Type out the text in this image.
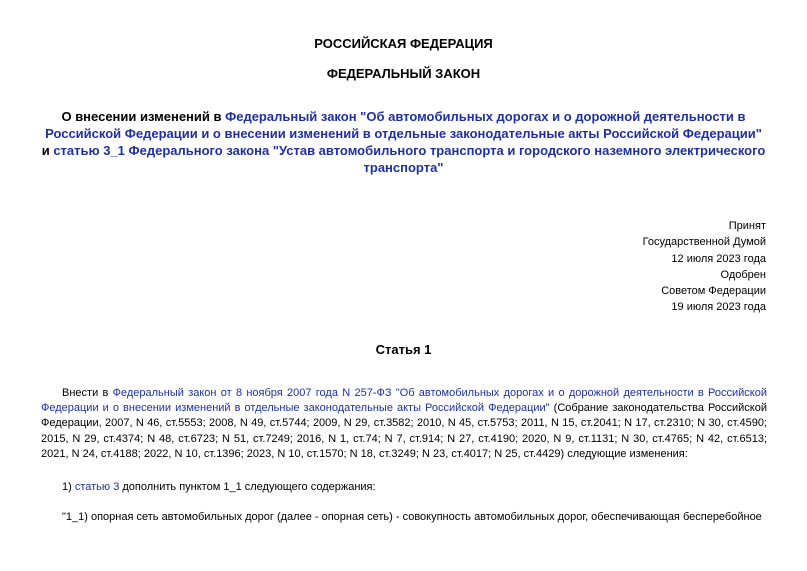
РОССИЙСКАЯ ФЕДЕРАЦИЯ
ФЕДЕРАЛЬНЫЙ ЗАКОН
О внесении изменений в Федеральный закон "Об автомобильных дорогах и о дорожной деятельности в Российской Федерации и о внесении изменений в отдельные законодательные акты Российской Федерации" и статью 3_1 Федерального закона "Устав автомобильного транспорта и городского наземного электрического транспорта"
Принят
Государственной Думой
12 июля 2023 года
Одобрен
Советом Федерации
19 июля 2023 года
Статья 1
Внести в Федеральный закон от 8 ноября 2007 года N 257-ФЗ "Об автомобильных дорогах и о дорожной деятельности в Российской Федерации и о внесении изменений в отдельные законодательные акты Российской Федерации" (Собрание законодательства Российской Федерации, 2007, N 46, ст.5553; 2008, N 49, ст.5744; 2009, N 29, ст.3582; 2010, N 45, ст.5753; 2011, N 15, ст.2041; N 17, ст.2310; N 30, ст.4590; 2015, N 29, ст.4374; N 48, ст.6723; N 51, ст.7249; 2016, N 1, ст.74; N 7, ст.914; N 27, ст.4190; 2020, N 9, ст.1131; N 30, ст.4765; N 42, ст.6513; 2021, N 24, ст.4188; 2022, N 10, ст.1396; 2023, N 10, ст.1570; N 18, ст.3249; N 23, ст.4017; N 25, ст.4429) следующие изменения:
1) статью 3 дополнить пунктом 1_1 следующего содержания:
"1_1) опорная сеть автомобильных дорог (далее - опорная сеть) - совокупность автомобильных дорог, обеспечивающая бесперебойное
